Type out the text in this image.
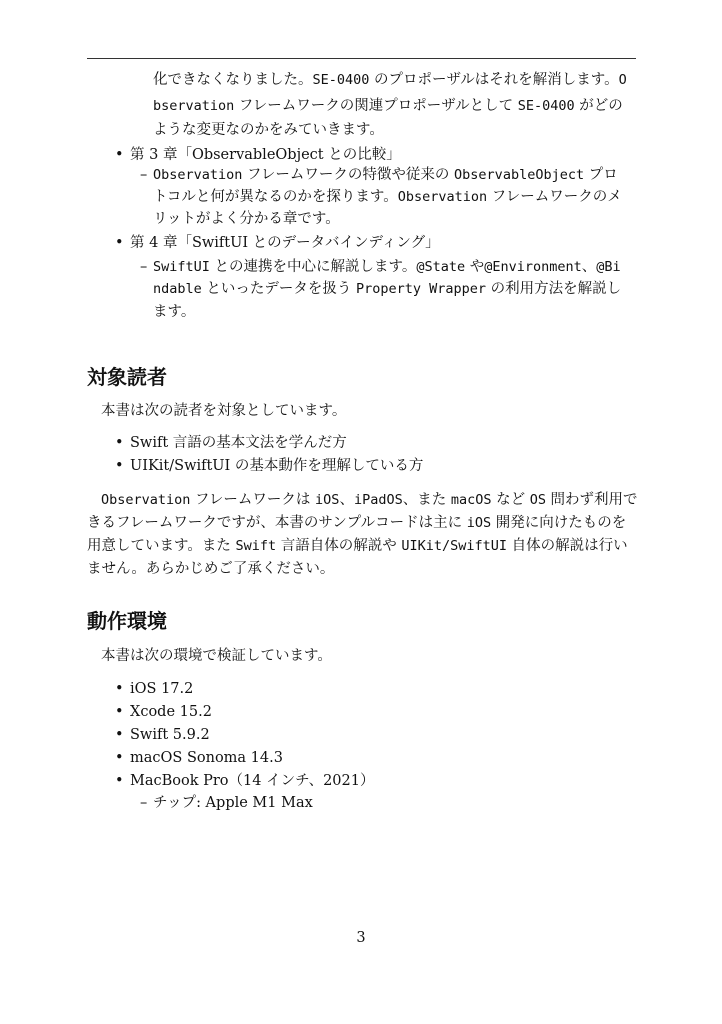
化できなくなりました。SE-0400 のプロポーザルはそれを解消します。O
bservation フレームワークの関連プロポーザルとして SE-0400 がどの
ような変更なのかをみていきます。
• 第 3 章「ObservableObject との比較」
– Observation フレームワークの特徴や従来の ObservableObject プロ
トコルと何が異なるのかを探ります。Observation フレームワークのメ
リットがよく分かる章です。
• 第 4 章「SwiftUI とのデータバインディング」
– SwiftUI との連携を中心に解説します。@State や@Environment、@Bi
ndable といったデータを扱う Property Wrapper の利用方法を解説し
ます。
対象読者
本書は次の読者を対象としています。
• Swift 言語の基本文法を学んだ方
• UIKit/SwiftUI の基本動作を理解している方
Observation フレームワークは iOS、iPadOS、また macOS など OS 問わず利用で
きるフレームワークですが、本書のサンプルコードは主に iOS 開発に向けたものを
用意しています。また Swift 言語自体の解説や UIKit/SwiftUI 自体の解説は行い
ません。あらかじめご了承ください。
動作環境
本書は次の環境で検証しています。
• iOS 17.2
• Xcode 15.2
• Swift 5.9.2
• macOS Sonoma 14.3
• MacBook Pro（14 インチ、2021）
– チップ: Apple M1 Max
3
